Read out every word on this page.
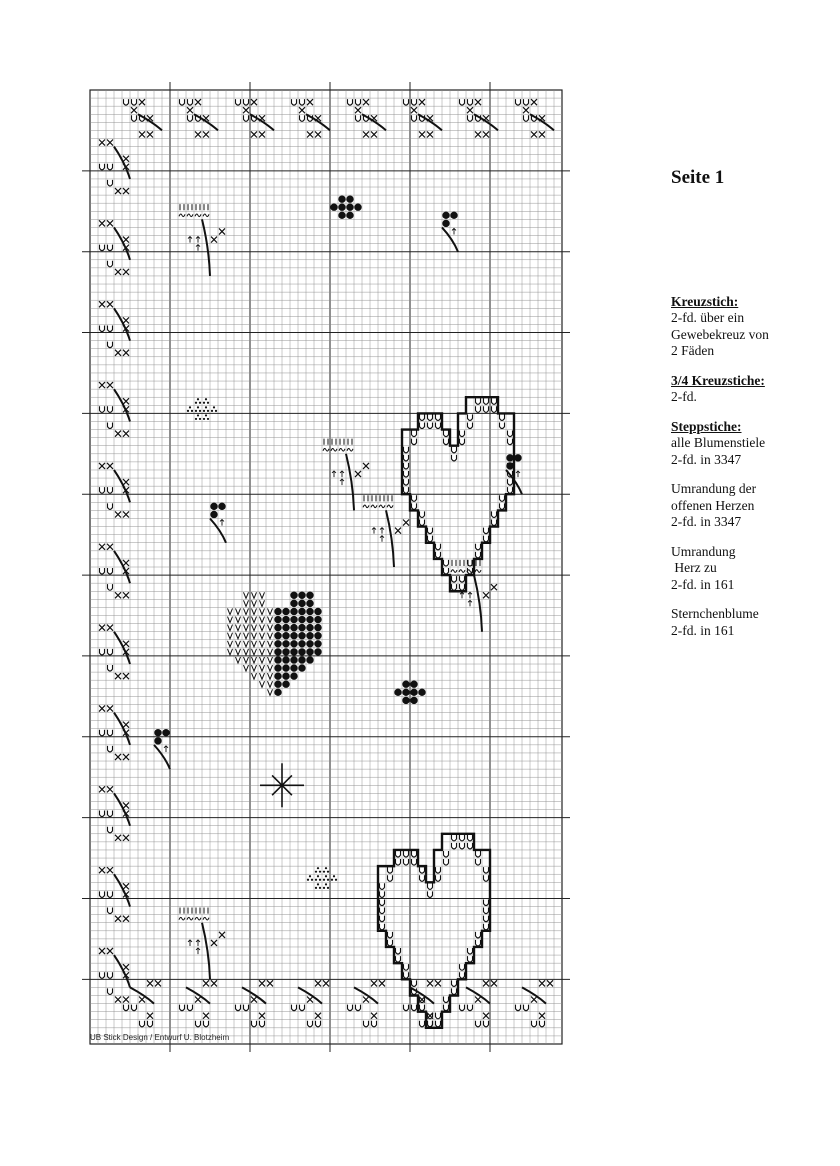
Seite 1
Kreuzstich:
2-fd. über ein
Gewebekreuz von
2 Fäden
3/4 Kreuzstiche:
2-fd.
Steppstiche:
alle Blumenstiele
2-fd. in 3347
Umrandung der
offenen Herzen
2-fd. in 3347
Umrandung
Herz zu
2-fd. in 161
Sternchenblume
2-fd. in 161
UB Stick Design / Entwurf U. Blotzheim
